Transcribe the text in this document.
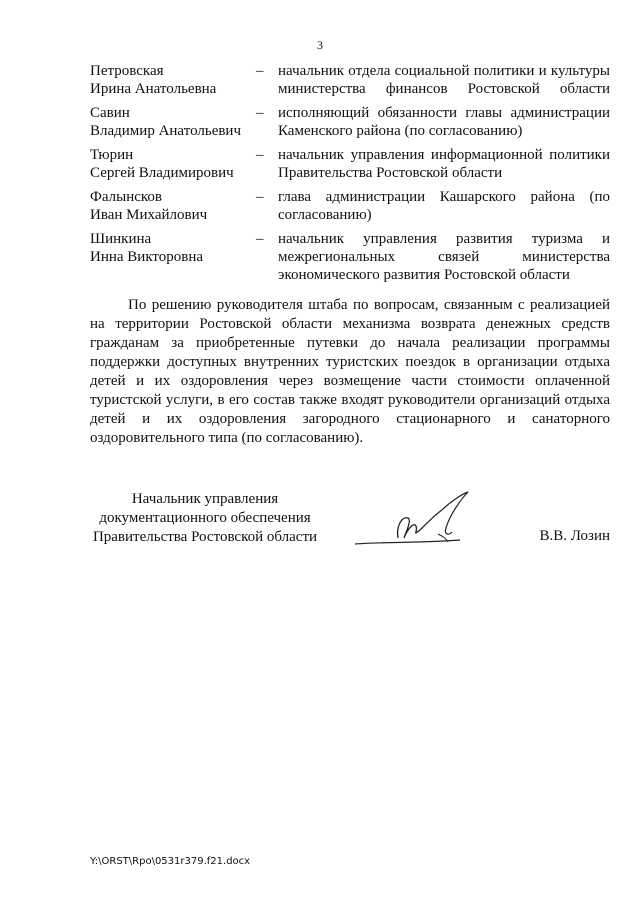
3
Петровская
Ирина Анатольевна
– начальник отдела социальной политики и культуры министерства финансов Ростовской области
Савин
Владимир Анатольевич
– исполняющий обязанности главы администрации Каменского района (по согласованию)
Тюрин
Сергей Владимирович
– начальник управления информационной политики Правительства Ростовской области
Фалынсков
Иван Михайлович
– глава администрации Кашарского района (по согласованию)
Шинкина
Инна Викторовна
– начальник управления развития туризма и межрегиональных связей министерства экономического развития Ростовской области
По решению руководителя штаба по вопросам, связанным с реализацией на территории Ростовской области механизма возврата денежных средств гражданам за приобретенные путевки до начала реализации программы поддержки доступных внутренних туристских поездок в организации отдыха детей и их оздоровления через возмещение части стоимости оплаченной туристской услуги, в его состав также входят руководители организаций отдыха детей и их оздоровления загородного стационарного и санаторного оздоровительного типа (по согласованию).
Начальник управления
документационного обеспечения
Правительства Ростовской области	В.В. Лозин
Y:\ORST\Rpo\0531r379.f21.docx
